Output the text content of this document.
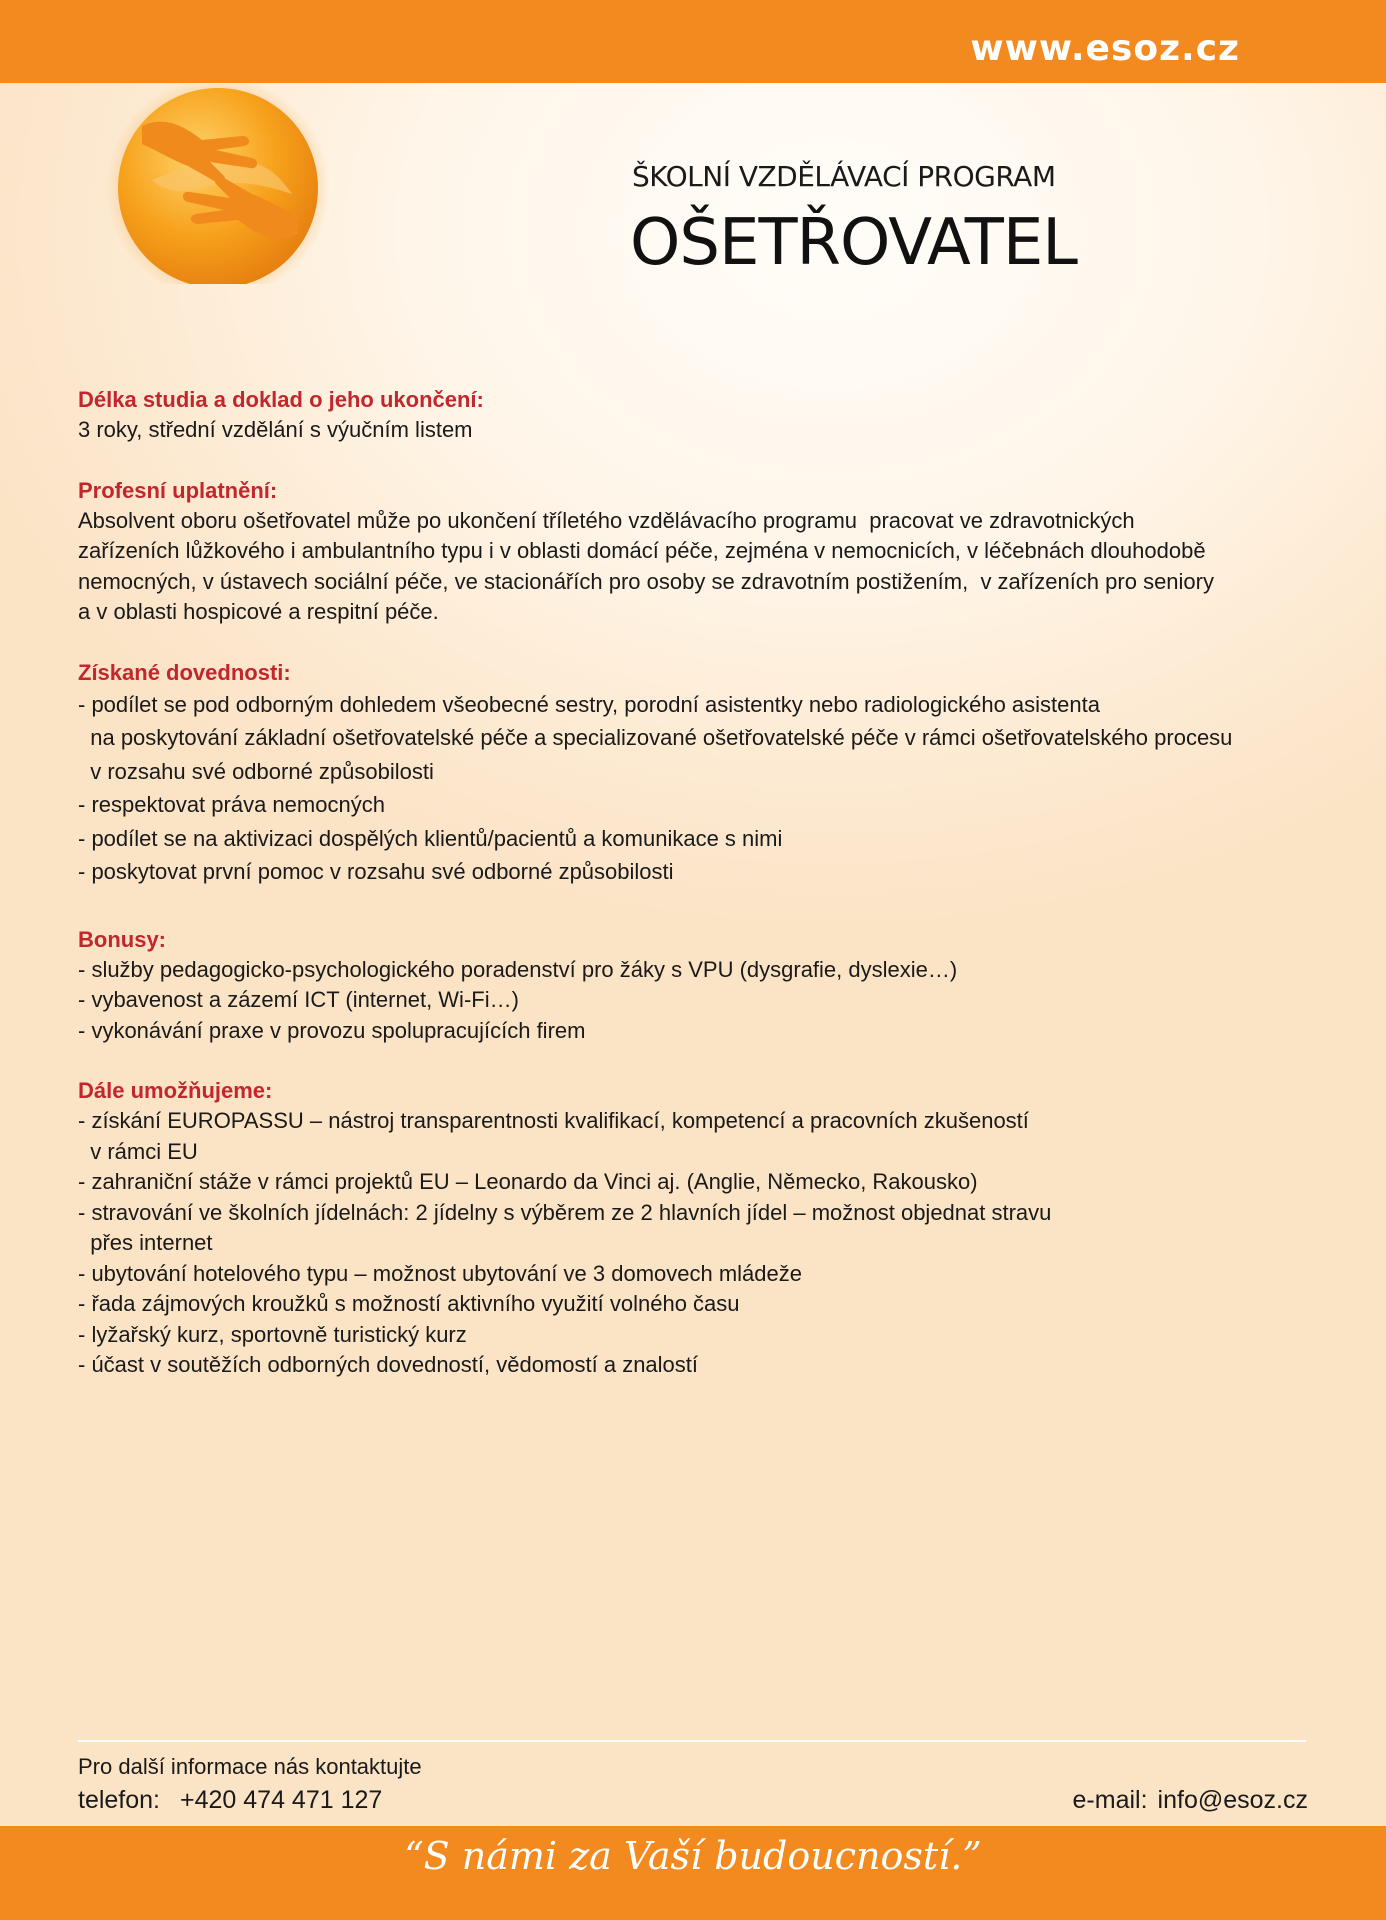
www.esoz.cz
ŠKOLNÍ VZDĚLÁVACÍ PROGRAM
OŠETŘOVATEL
Délka studia a doklad o jeho ukončení:
3 roky, střední vzdělání s výučním listem
Profesní uplatnění:
Absolvent oboru ošetřovatel může po ukončení tříletého vzdělávacího programu  pracovat ve zdravotnických
zařízeních lůžkového i ambulantního typu i v oblasti domácí péče, zejména v nemocnicích, v léčebnách dlouhodobě
nemocných, v ústavech sociální péče, ve stacionářích pro osoby se zdravotním postižením,  v zařízeních pro seniory
a v oblasti hospicové a respitní péče.
Získané dovednosti:
- podílet se pod odborným dohledem všeobecné sestry, porodní asistentky nebo radiologického asistenta
na poskytování základní ošetřovatelské péče a specializované ošetřovatelské péče v rámci ošetřovatelského procesu
v rozsahu své odborné způsobilosti
- respektovat práva nemocných
- podílet se na aktivizaci dospělých klientů/pacientů a komunikace s nimi
- poskytovat první pomoc v rozsahu své odborné způsobilosti
Bonusy:
- služby pedagogicko-psychologického poradenství pro žáky s VPU (dysgrafie, dyslexie…)
- vybavenost a zázemí ICT (internet, Wi-Fi…)
- vykonávání praxe v provozu spolupracujících firem
Dále umožňujeme:
- získání EUROPASSU – nástroj transparentnosti kvalifikací, kompetencí a pracovních zkušeností
v rámci EU
- zahraniční stáže v rámci projektů EU – Leonardo da Vinci aj. (Anglie, Německo, Rakousko)
- stravování ve školních jídelnách: 2 jídelny s výběrem ze 2 hlavních jídel – možnost objednat stravu
přes internet
- ubytování hotelového typu – možnost ubytování ve 3 domovech mládeže
- řada zájmových kroužků s možností aktivního využití volného času
- lyžařský kurz, sportovně turistický kurz
- účast v soutěžích odborných dovedností, vědomostí a znalostí
Pro další informace nás kontaktujte
telefon: +420 474 471 127	e-mail: info@esoz.cz
“S námi za Vaší budoucností.”
